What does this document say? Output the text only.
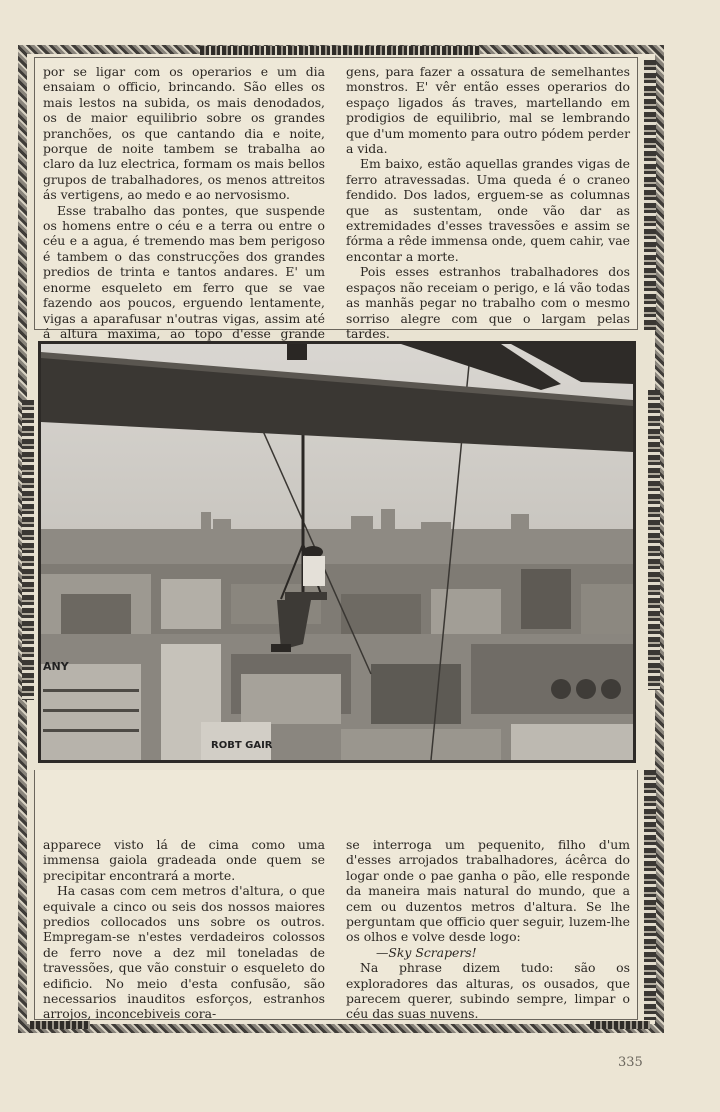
por se ligar com os operarios e um dia ensaiam o officio, brincando. São elles os mais lestos na subida, os mais denodados, os de maior equilibrio sobre os grandes pranchões, os que cantando dia e noite, porque de noite tambem se trabalha ao claro da luz electrica, formam os mais bellos grupos de trabalhadores, os menos attreitos ás vertigens, ao medo e ao nervosismo.

Esse trabalho das pontes, que suspende os homens entre o céu e a terra ou entre o céu e a agua, é tremendo mas bem perigoso é tambem o das construcções dos grandes predios de trinta e tantos andares. E' um enorme esqueleto em ferro que se vae fazendo aos poucos, erguendo lentamente, vigas a aparafusar n'outras vigas, assim até á altura maxima, ao topo d'esse grande

gens, para fazer a ossatura de semelhantes monstros. E' vêr então esses operarios do espaço ligados ás traves, martellando em prodigios de equilibrio, mal se lembrando que d'um momento para outro pódem perder a vida.

Em baixo, estão aquellas grandes vigas de ferro atravessadas. Uma queda é o craneo fendido. Dos lados, erguem-se as columnas que as sustentam, onde vão dar as extremidades d'esses travessões e assim se fórma a rêde immensa onde, quem cahir, vae encontar a morte.

Pois esses estranhos trabalhadores dos espaços não receiam o perigo, e lá vão todas as manhãs pegar no trabalho com o mesmo sorriso alegre com que o largam pelas tardes.

ANY
ROBT GAIR

apparece visto lá de cima como uma immensa gaiola gradeada onde quem se precipitar encontrará a morte.

Ha casas com cem metros d'altura, o que equivale a cinco ou seis dos nossos maiores predios collocados uns sobre os outros. Empregam-se n'estes verdadeiros colossos de ferro nove a dez mil toneladas de travessões, que vão constuir o esqueleto do edificio. No meio d'esta confusão, são necessarios inauditos esforços, estranhos arrojos, inconcebiveis cora-

se interroga um pequenito, filho d'um d'esses arrojados trabalhadores, ácêrca do logar onde o pae ganha o pão, elle responde da maneira mais natural do mundo, que a cem ou duzentos metros d'altura. Se lhe perguntam que officio quer seguir, luzem-lhe os olhos e volve desde logo:

—Sky Scrapers!

Na phrase dizem tudo: são os exploradores das alturas, os ousados, que parecem querer, subindo sempre, limpar o céu das suas nuvens.

335
